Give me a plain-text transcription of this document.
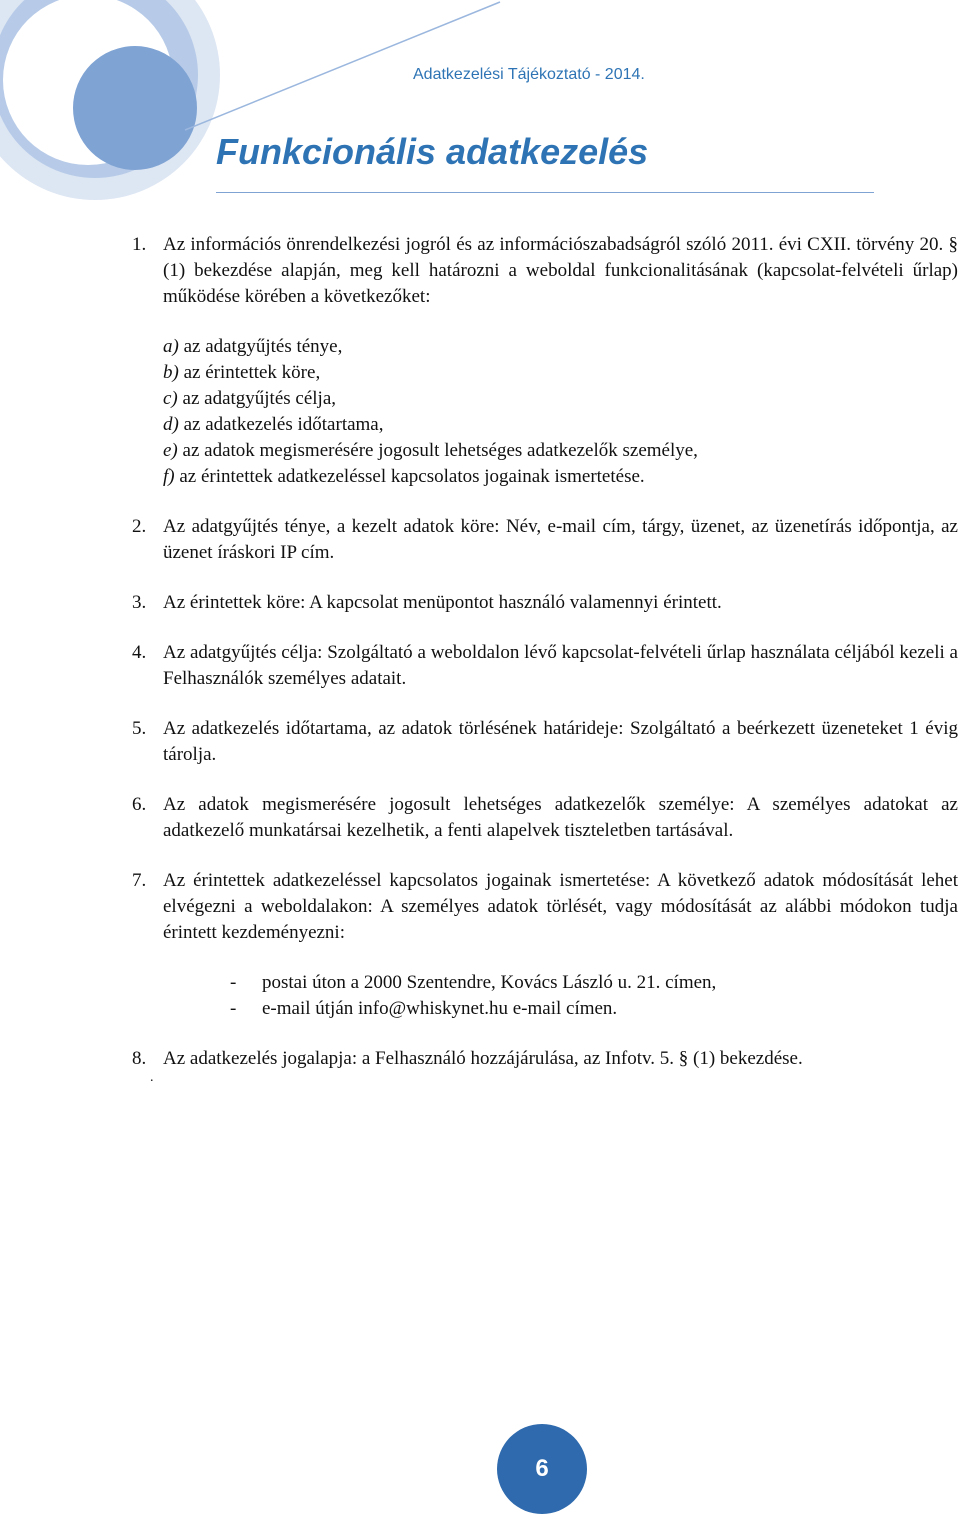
Adatkezelési Tájékoztató - 2014.
Funkcionális adatkezelés
1. Az információs önrendelkezési jogról és az információszabadságról szóló 2011. évi CXII. törvény 20. § (1) bekezdése alapján, meg kell határozni a weboldal funkcionalitásának (kapcsolat-felvételi űrlap) működése körében a következőket:
a) az adatgyűjtés ténye,
b) az érintettek köre,
c) az adatgyűjtés célja,
d) az adatkezelés időtartama,
e) az adatok megismerésére jogosult lehetséges adatkezelők személye,
f) az érintettek adatkezeléssel kapcsolatos jogainak ismertetése.
2. Az adatgyűjtés ténye, a kezelt adatok köre: Név, e-mail cím, tárgy, üzenet, az üzenetírás időpontja, az üzenet íráskori IP cím.
3. Az érintettek köre: A kapcsolat menüpontot használó valamennyi érintett.
4. Az adatgyűjtés célja: Szolgáltató a weboldalon lévő kapcsolat-felvételi űrlap használata céljából kezeli a Felhasználók személyes adatait.
5. Az adatkezelés időtartama, az adatok törlésének határideje: Szolgáltató a beérkezett üzeneteket 1 évig tárolja.
6. Az adatok megismerésére jogosult lehetséges adatkezelők személye: A személyes adatokat az adatkezelő munkatársai kezelhetik, a fenti alapelvek tiszteletben tartásával.
7. Az érintettek adatkezeléssel kapcsolatos jogainak ismertetése: A következő adatok módosítását lehet elvégezni a weboldalakon: A személyes adatok törlését, vagy módosítását az alábbi módokon tudja érintett kezdeményezni:
-	postai úton a 2000 Szentendre, Kovács László u. 21. címen,
-	e-mail útján info@whiskynet.hu e-mail címen.
8. Az adatkezelés jogalapja: a Felhasználó hozzájárulása, az Infotv. 5. § (1) bekezdése.
.
6
